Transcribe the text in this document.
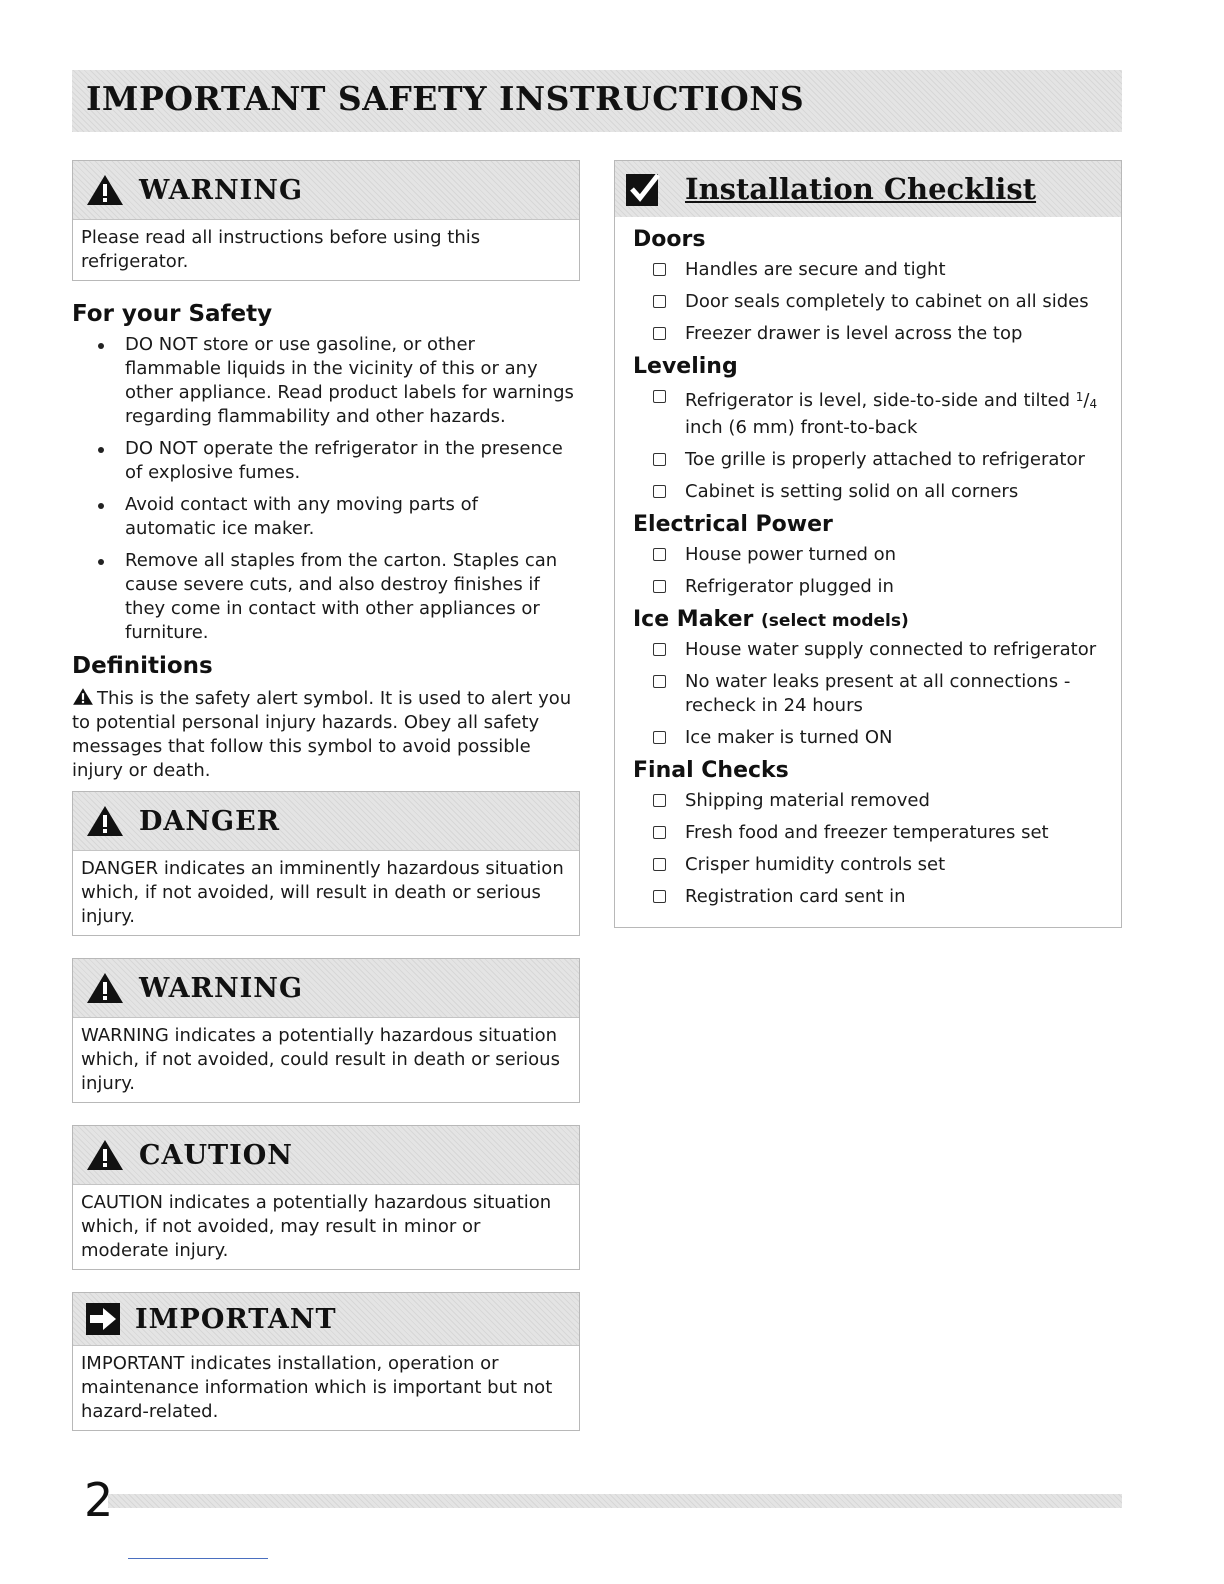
IMPORTANT SAFETY INSTRUCTIONS
WARNING
Please read all instructions before using this refrigerator.
For your Safety
DO NOT store or use gasoline, or other flammable liquids in the vicinity of this or any other appliance. Read product labels for warnings regarding flammability and other hazards.
DO NOT operate the refrigerator in the presence of explosive fumes.
Avoid contact with any moving parts of automatic ice maker.
Remove all staples from the carton. Staples can cause severe cuts, and also destroy finishes if they come in contact with other appliances or furniture.
Definitions

This is the safety alert symbol. It is used to alert you to potential personal injury hazards. Obey all safety messages that follow this symbol to avoid possible injury or death.

DANGER
DANGER indicates an imminently hazardous situation which, if not avoided, will result in death or serious injury.
WARNING
WARNING indicates a potentially hazardous situation which, if not avoided, could result in death or serious injury.
CAUTION
CAUTION indicates a potentially hazardous situation which, if not avoided, may result in minor or moderate injury.
IMPORTANT
IMPORTANT indicates installation, operation or maintenance information which is important but not hazard-related.
Installation Checklist
Doors
Handles are secure and tight
Door seals completely to cabinet on all sides
Freezer drawer is level across the top
Leveling
Refrigerator is level, side-to-side and tilted $^1$/4 inch (6 mm) front-to-back
Toe grille is properly attached to refrigerator
Cabinet is setting solid on all corners
Electrical Power
House power turned on
Refrigerator plugged in
Ice Maker (select models)
House water supply connected to refrigerator
No water leaks present at all connections - recheck in 24 hours
Ice maker is turned ON
Final Checks
Shipping material removed
Fresh food and freezer temperatures set
Crisper humidity controls set
Registration card sent in
2
